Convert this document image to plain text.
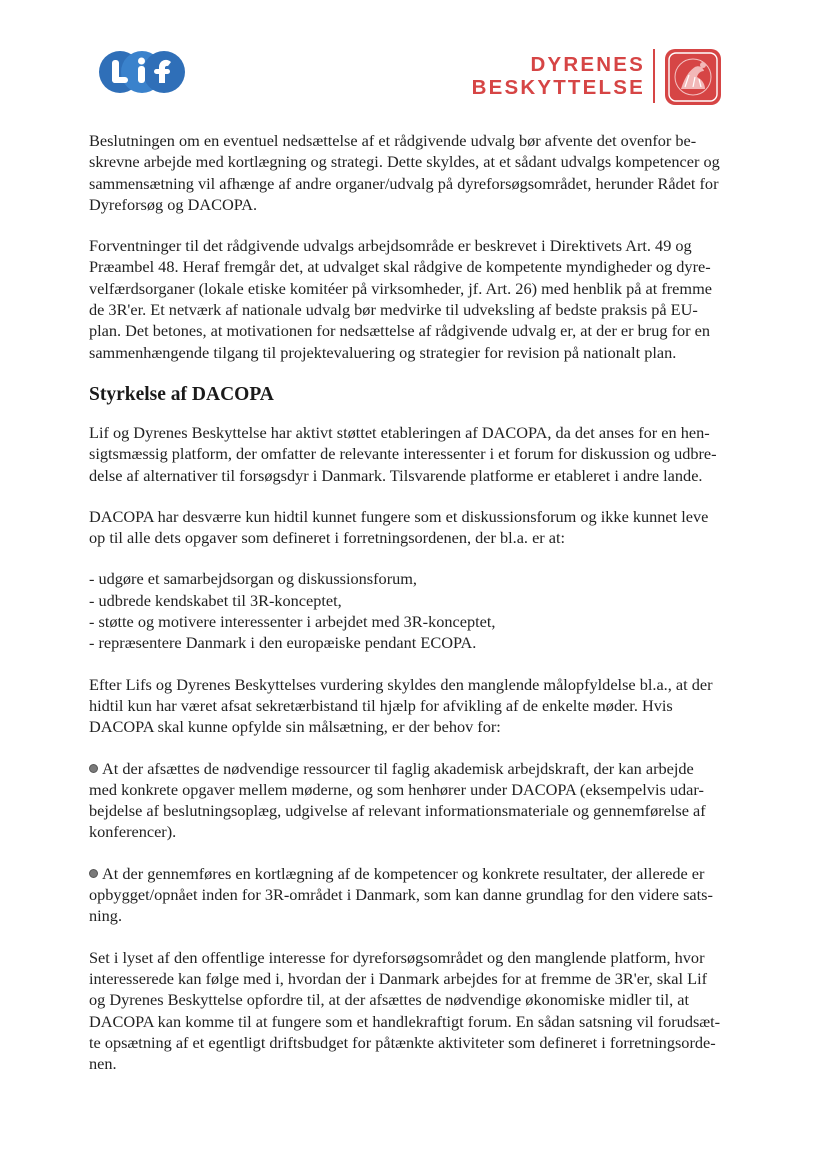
DYRENES
BESKYTTELSE

Beslutningen om en eventuel nedsættelse af et rådgivende udvalg bør afvente det ovenfor be-
skrevne arbejde med kortlægning og strategi. Dette skyldes, at et sådant udvalgs kompetencer og
sammensætning vil afhænge af andre organer/udvalg på dyreforsøgsområdet, herunder Rådet for
Dyreforsøg og DACOPA.

Forventninger til det rådgivende udvalgs arbejdsområde er beskrevet i Direktivets Art. 49 og
Præambel 48. Heraf fremgår det, at udvalget skal rådgive de kompetente myndigheder og dyre-
velfærdsorganer (lokale etiske komitéer på virksomheder, jf. Art. 26) med henblik på at fremme
de 3R'er. Et netværk af nationale udvalg bør medvirke til udveksling af bedste praksis på EU-
plan. Det betones, at motivationen for nedsættelse af rådgivende udvalg er, at der er brug for en
sammenhængende tilgang til projektevaluering og strategier for revision på nationalt plan.

Styrkelse af DACOPA

Lif og Dyrenes Beskyttelse har aktivt støttet etableringen af DACOPA, da det anses for en hen-
sigtsmæssig platform, der omfatter de relevante interessenter i et forum for diskussion og udbre-
delse af alternativer til forsøgsdyr i Danmark. Tilsvarende platforme er etableret i andre lande.

DACOPA har desværre kun hidtil kunnet fungere som et diskussionsforum og ikke kunnet leve
op til alle dets opgaver som defineret i forretningsordenen, der bl.a. er at:

- udgøre et samarbejdsorgan og diskussionsforum,
- udbrede kendskabet til 3R-konceptet,
- støtte og motivere interessenter i arbejdet med 3R-konceptet,
- repræsentere Danmark i den europæiske pendant ECOPA.

Efter Lifs og Dyrenes Beskyttelses vurdering skyldes den manglende målopfyldelse bl.a., at der
hidtil kun har været afsat sekretærbistand til hjælp for afvikling af de enkelte møder. Hvis
DACOPA skal kunne opfylde sin målsætning, er der behov for:

At der afsættes de nødvendige ressourcer til faglig akademisk arbejdskraft, der kan arbejde
med konkrete opgaver mellem møderne, og som henhører under DACOPA (eksempelvis udar-
bejdelse af beslutningsoplæg, udgivelse af relevant informationsmateriale og gennemførelse af
konferencer).

At der gennemføres en kortlægning af de kompetencer og konkrete resultater, der allerede er
opbygget/opnået inden for 3R-området i Danmark, som kan danne grundlag for den videre sats-
ning.

Set i lyset af den offentlige interesse for dyreforsøgsområdet og den manglende platform, hvor
interesserede kan følge med i, hvordan der i Danmark arbejdes for at fremme de 3R'er, skal Lif
og Dyrenes Beskyttelse opfordre til, at der afsættes de nødvendige økonomiske midler til, at
DACOPA kan komme til at fungere som et handlekraftigt forum. En sådan satsning vil forudsæt-
te opsætning af et egentligt driftsbudget for påtænkte aktiviteter som defineret i forretningsorde-
nen.
